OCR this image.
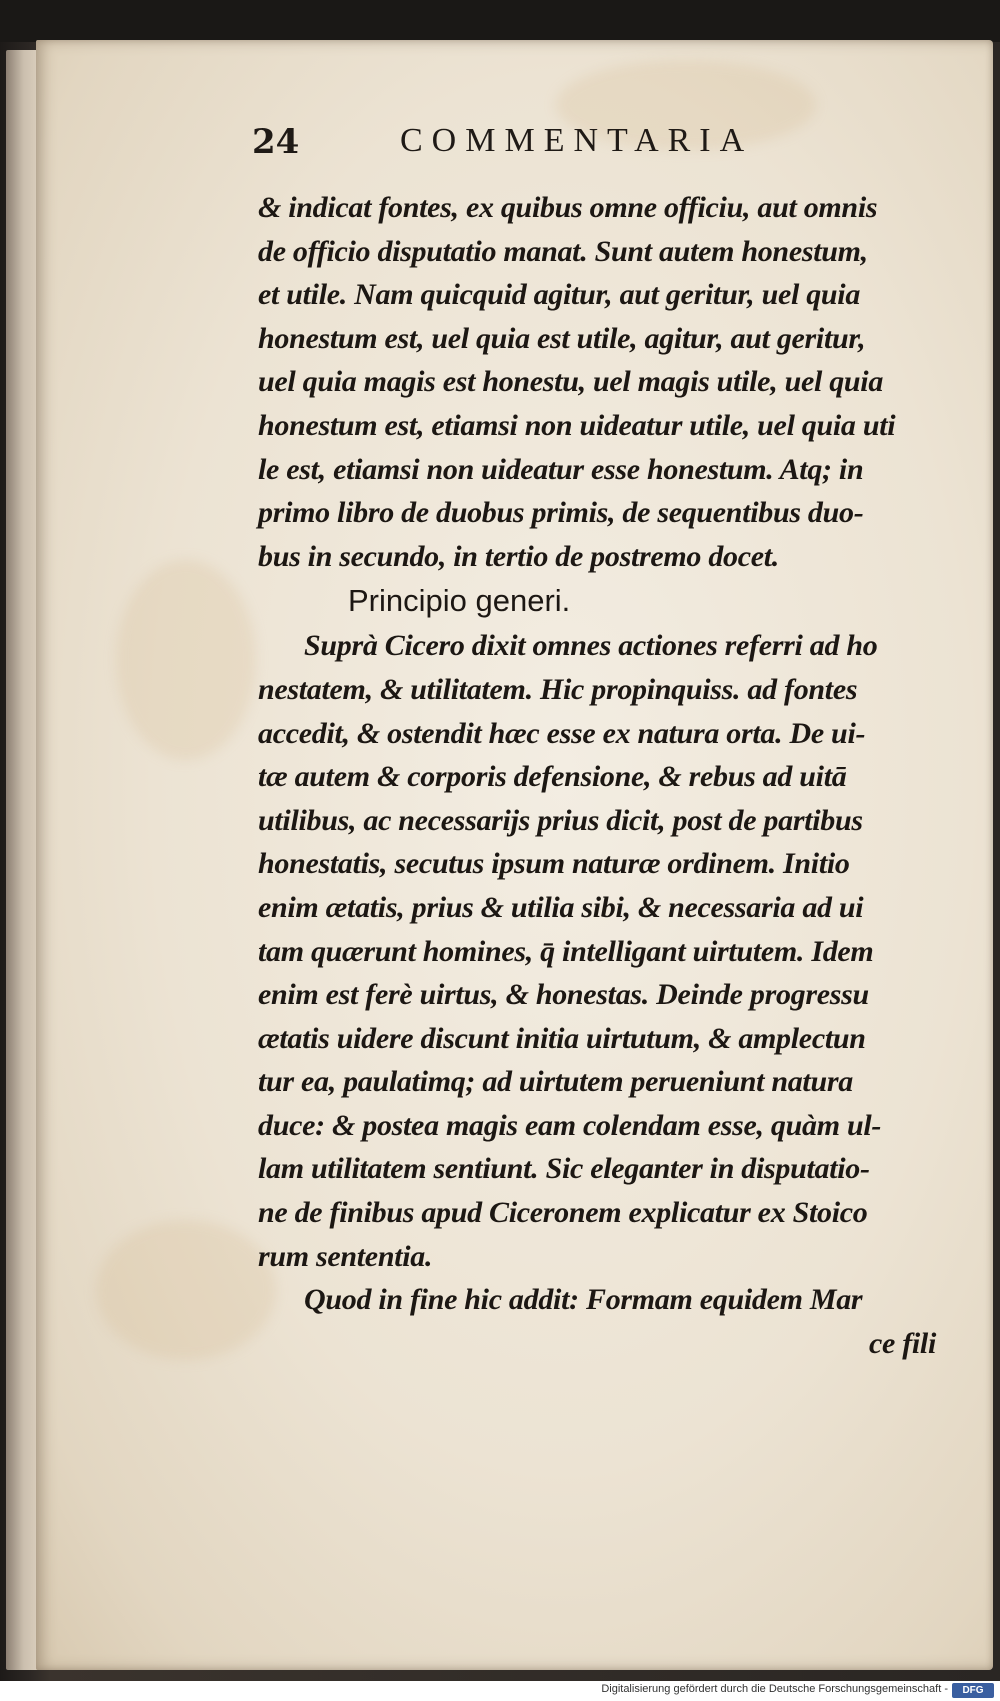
24	COMMENTARIA
& indicat fontes, ex quibus omne officiu, aut omnis
de officio disputatio manat. Sunt autem honestum,
et utile. Nam quicquid agitur, aut geritur, uel quia
honestum est, uel quia est utile, agitur, aut geritur,
uel quia magis est honestu, uel magis utile, uel quia
honestum est, etiamsi non uideatur utile, uel quia uti
le est, etiamsi non uideatur esse honestum. Atq; in
primo libro de duobus primis, de sequentibus duo-
bus in secundo, in tertio de postremo docet.
Principio generi.
Suprà Cicero dixit omnes actiones referri ad ho
nestatem, & utilitatem. Hic propinquiss. ad fontes
accedit, & ostendit hæc esse ex natura orta. De ui-
tæ autem & corporis defensione, & rebus ad uitā
utilibus, ac necessarijs prius dicit, post de partibus
honestatis, secutus ipsum naturæ ordinem. Initio
enim ætatis, prius & utilia sibi, & necessaria ad ui
tam quærunt homines, q̄ intelligant uirtutem. Idem
enim est ferè uirtus, & honestas. Deinde progressu
ætatis uidere discunt initia uirtutum, & amplectun
tur ea, paulatimq; ad uirtutem perueniunt natura
duce: & postea magis eam colendam esse, quàm ul-
lam utilitatem sentiunt. Sic eleganter in disputatio-
ne de finibus apud Ciceronem explicatur ex Stoico
rum sententia.
Quod in fine hic addit: Formam equidem Mar
ce fili
Digitalisierung gefördert durch die Deutsche Forschungsgemeinschaft -	DFG
